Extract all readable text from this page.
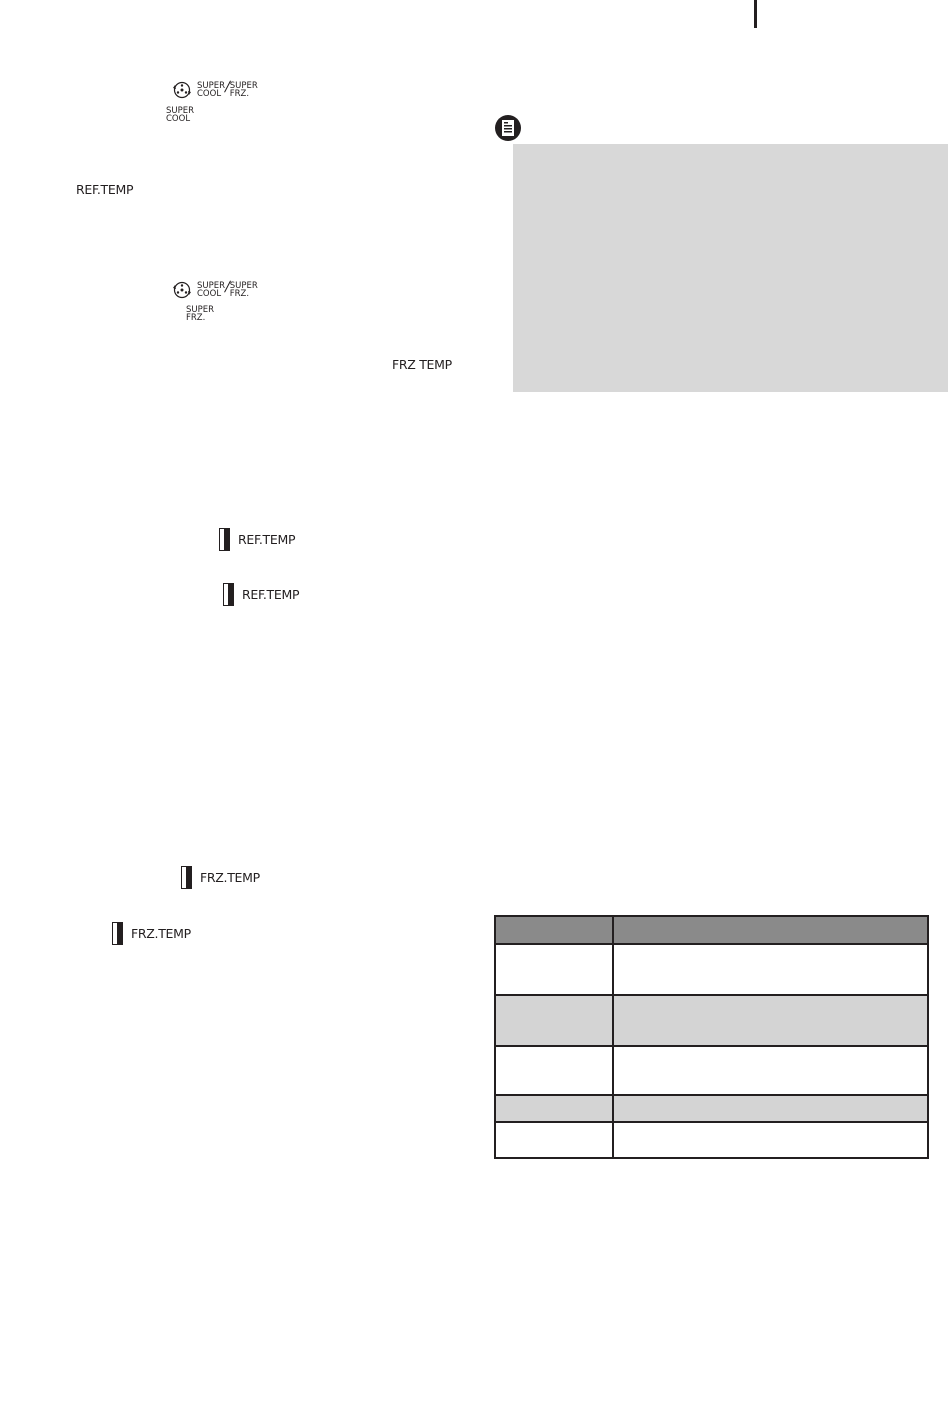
SUPER
COOL /
SUPER
FRZ.
SUPER
COOL
REF.TEMP
SUPER
COOL /
SUPER
FRZ.
SUPER
FRZ.
FRZ TEMP
REF.TEMP
REF.TEMP
FRZ.TEMP
FRZ.TEMP
